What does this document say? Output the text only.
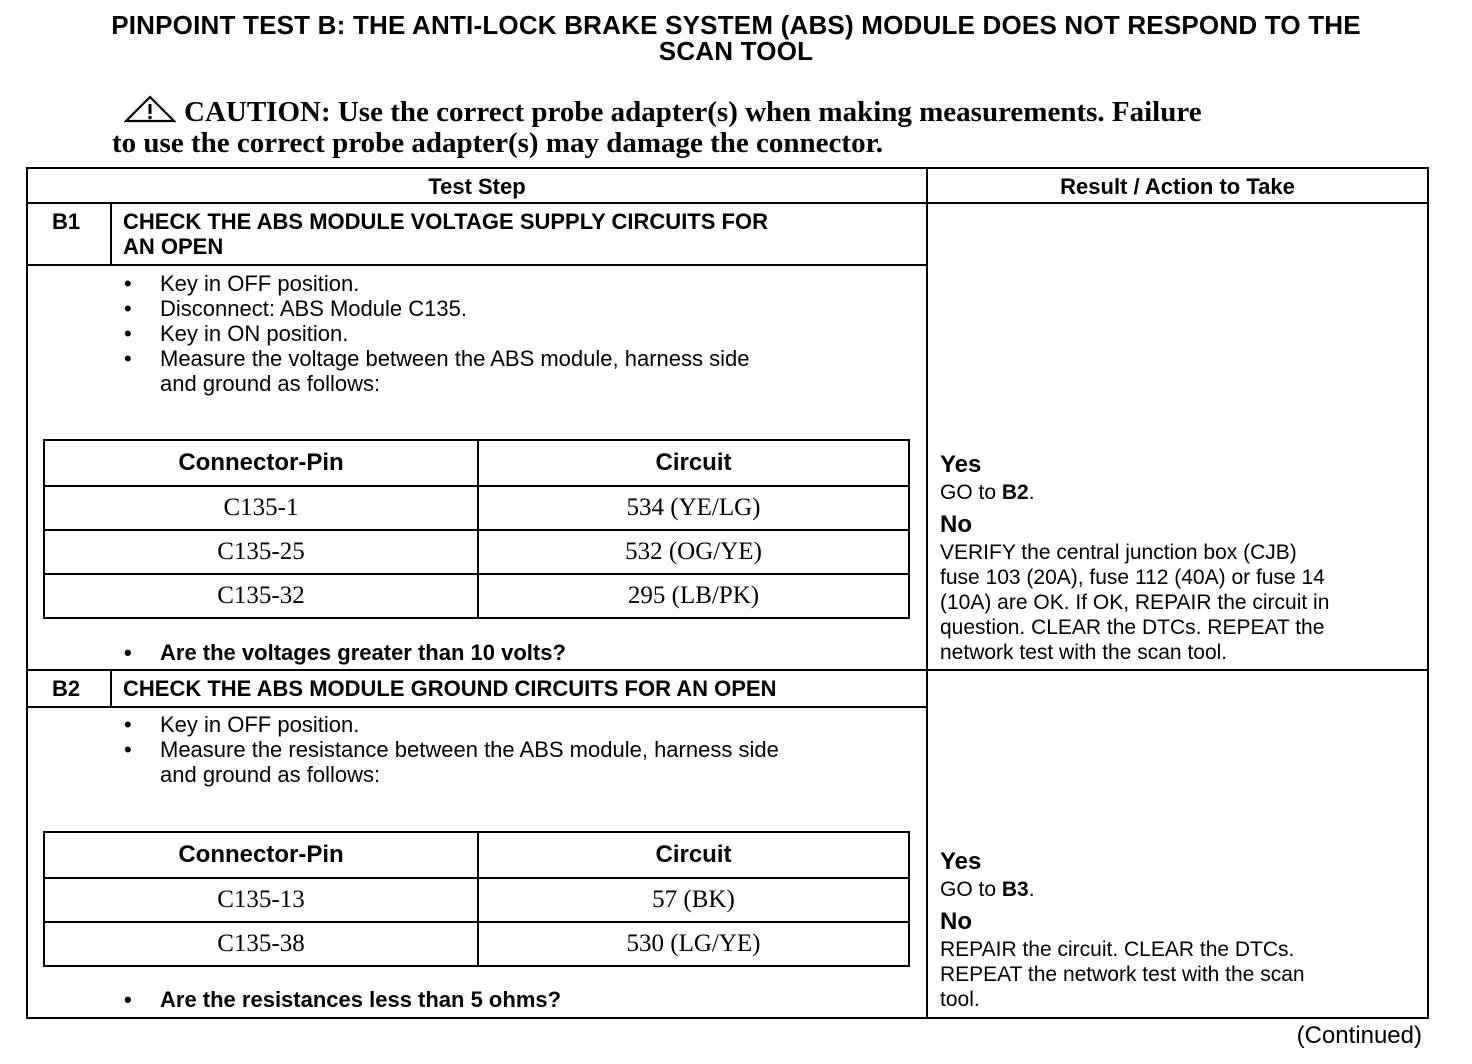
PINPOINT TEST B: THE ANTI-LOCK BRAKE SYSTEM (ABS) MODULE DOES NOT RESPOND TO THE
SCAN TOOL
CAUTION: Use the correct probe adapter(s) when making measurements. Failure
to use the correct probe adapter(s) may damage the connector.
Test Step	Result / Action to Take
B1 CHECK THE ABS MODULE VOLTAGE SUPPLY CIRCUITS FOR
AN OPEN
• Key in OFF position.
• Disconnect: ABS Module C135.
• Key in ON position.
• Measure the voltage between the ABS module, harness side
and ground as follows:
Connector-Pin	Circuit
C135-1	534 (YE/LG)
C135-25	532 (OG/YE)
C135-32	295 (LB/PK)
• Are the voltages greater than 10 volts?
Yes
GO to B2.
No
VERIFY the central junction box (CJB)
fuse 103 (20A), fuse 112 (40A) or fuse 14
(10A) are OK. If OK, REPAIR the circuit in
question. CLEAR the DTCs. REPEAT the
network test with the scan tool.
B2 CHECK THE ABS MODULE GROUND CIRCUITS FOR AN OPEN
• Key in OFF position.
• Measure the resistance between the ABS module, harness side
and ground as follows:
Connector-Pin	Circuit
C135-13	57 (BK)
C135-38	530 (LG/YE)
• Are the resistances less than 5 ohms?
Yes
GO to B3.
No
REPAIR the circuit. CLEAR the DTCs.
REPEAT the network test with the scan
tool.
(Continued)
